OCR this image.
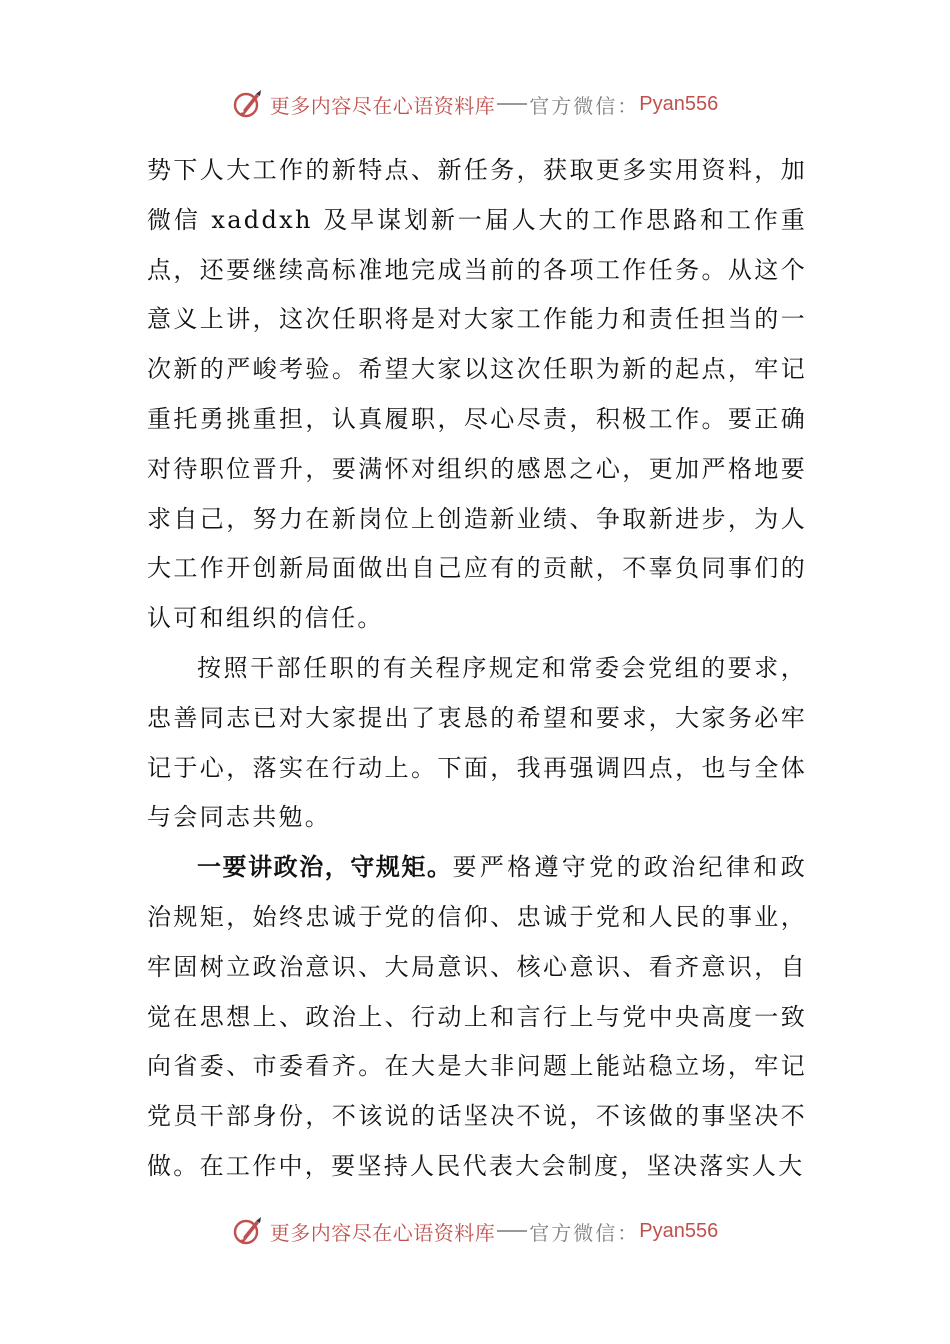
更多内容尽在心语资料库 官方微信： Pyan556

势下人大工作的新特点、新任务，获取更多实用资料，加微信 xaddxh 及早谋划新一届人大的工作思路和工作重点，还要继续高标准地完成当前的各项工作任务。从这个意义上讲，这次任职将是对大家工作能力和责任担当的一次新的严峻考验。希望大家以这次任职为新的起点，牢记重托勇挑重担，认真履职，尽心尽责，积极工作。要正确对待职位晋升，要满怀对组织的感恩之心，更加严格地要求自己，努力在新岗位上创造新业绩、争取新进步，为人大工作开创新局面做出自己应有的贡献，不辜负同事们的认可和组织的信任。

按照干部任职的有关程序规定和常委会党组的要求，忠善同志已对大家提出了衷恳的希望和要求，大家务必牢记于心，落实在行动上。下面，我再强调四点，也与全体与会同志共勉。

一要讲政治，守规矩。要严格遵守党的政治纪律和政治规矩，始终忠诚于党的信仰、忠诚于党和人民的事业，牢固树立政治意识、大局意识、核心意识、看齐意识，自觉在思想上、政治上、行动上和言行上与党中央高度一致向省委、市委看齐。在大是大非问题上能站稳立场，牢记党员干部身份，不该说的话坚决不说，不该做的事坚决不做。在工作中，要坚持人民代表大会制度，坚决落实人大

更多内容尽在心语资料库 官方微信： Pyan556
